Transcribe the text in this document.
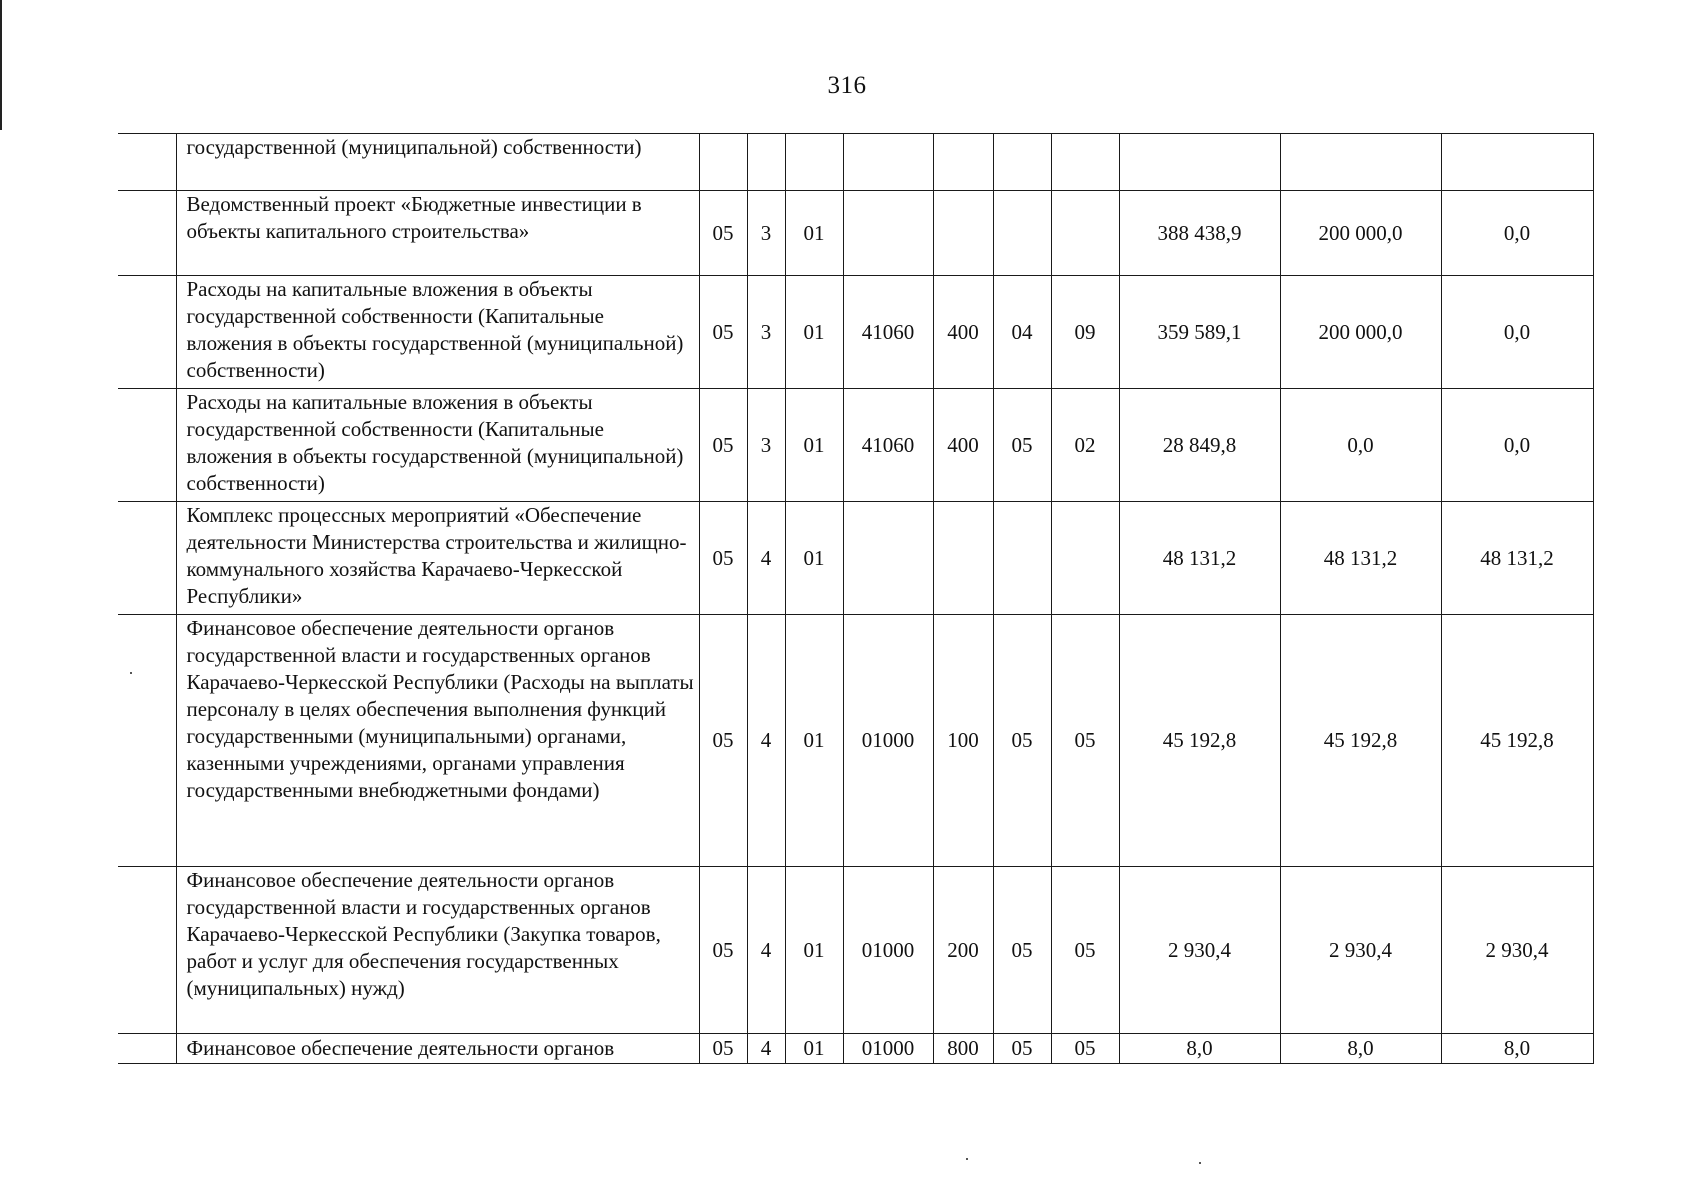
316
	государственной (муниципальной) собственности)										
	Ведомственный проект «Бюджетные инвестиции в объекты капитального строительства»	05	3	01					388 438,9	200 000,0	0,0
	Расходы на капитальные вложения в объекты государственной собственности (Капитальные вложения в объекты государственной (муниципальной) собственности)	05	3	01	41060	400	04	09	359 589,1	200 000,0	0,0
	Расходы на капитальные вложения в объекты государственной собственности (Капитальные вложения в объекты государственной (муниципальной) собственности)	05	3	01	41060	400	05	02	28 849,8	0,0	0,0
	Комплекс процессных мероприятий «Обеспечение деятельности Министерства строительства и жилищно-коммунального хозяйства Карачаево-Черкесской Республики»	05	4	01					48 131,2	48 131,2	48 131,2
	Финансовое обеспечение деятельности органов государственной власти и государственных органов Карачаево-Черкесской Республики (Расходы на выплаты персоналу в целях обеспечения выполнения функций государственными (муниципальными) органами, казенными учреждениями, органами управления государственными внебюджетными фондами)	05	4	01	01000	100	05	05	45 192,8	45 192,8	45 192,8
	Финансовое обеспечение деятельности органов государственной власти и государственных органов Карачаево-Черкесской Республики (Закупка товаров, работ и услуг для обеспечения государственных (муниципальных) нужд)	05	4	01	01000	200	05	05	2 930,4	2 930,4	2 930,4
	Финансовое обеспечение деятельности органов	05	4	01	01000	800	05	05	8,0	8,0	8,0
